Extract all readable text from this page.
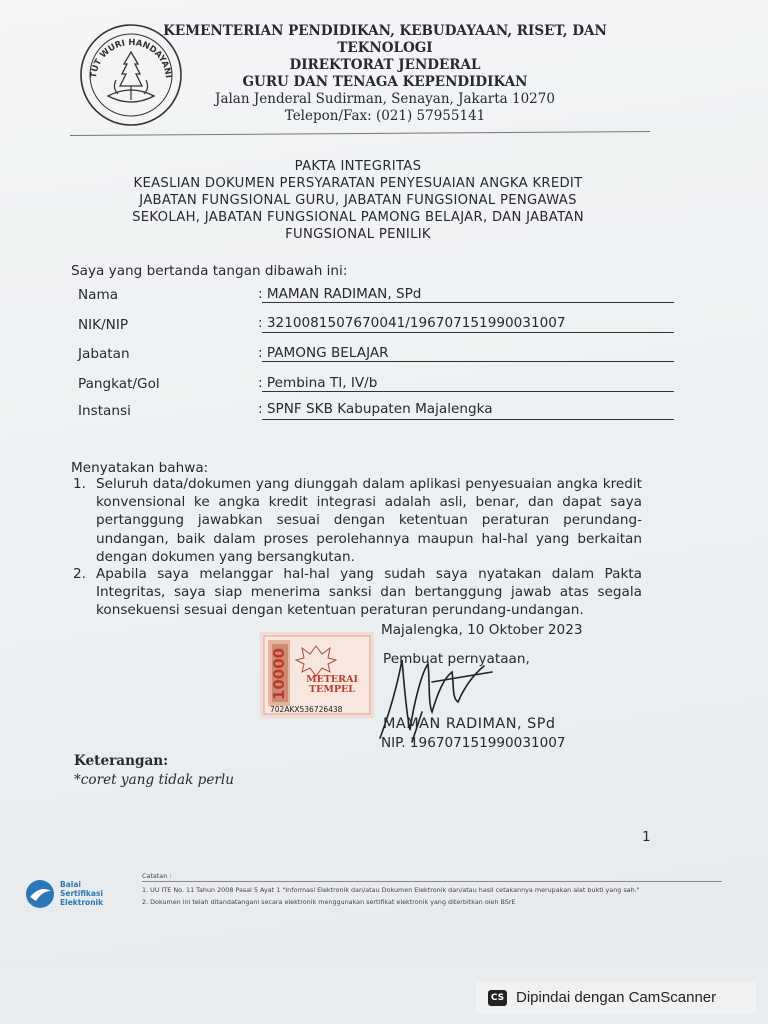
TUT WURI HANDAYANI
KEMENTERIAN PENDIDIKAN, KEBUDAYAAN, RISET, DAN
TEKNOLOGI
DIREKTORAT JENDERAL
GURU DAN TENAGA KEPENDIDIKAN
Jalan Jenderal Sudirman, Senayan, Jakarta 10270
Telepon/Fax: (021) 57955141
PAKTA INTEGRITAS
KEASLIAN DOKUMEN PERSYARATAN PENYESUAIAN ANGKA KREDIT
JABATAN FUNGSIONAL GURU, JABATAN FUNGSIONAL PENGAWAS
SEKOLAH, JABATAN FUNGSIONAL PAMONG BELAJAR, DAN JABATAN
FUNGSIONAL PENILIK
Saya yang bertanda tangan dibawah ini:
Nama	: MAMAN RADIMAN, SPd
NIK/NIP	: 3210081507670041/196707151990031007
Jabatan	: PAMONG BELAJAR
Pangkat/Gol	: Pembina TI, IV/b
Instansi	: SPNF SKB Kabupaten Majalengka
Menyatakan bahwa:
1. Seluruh data/dokumen yang diunggah dalam aplikasi penyesuaian angka kredit konvensional ke angka kredit integrasi adalah asli, benar, dan dapat saya pertanggung jawabkan sesuai dengan ketentuan peraturan perundang-undangan, baik dalam proses perolehannya maupun hal-hal yang berkaitan dengan dokumen yang bersangkutan.
2. Apabila saya melanggar hal-hal yang sudah saya nyatakan dalam Pakta Integritas, saya siap menerima sanksi dan bertanggung jawab atas segala konsekuensi sesuai dengan ketentuan peraturan perundang-undangan.
Majalengka, 10 Oktober 2023
Pembuat pernyataan,
10000 METERAI
TEMPEL
702AKX536726438
MAMAN RADIMAN, SPd
NIP. 196707151990031007
Keterangan:
*coret yang tidak perlu
1
Balai
Sertifikasi
Elektronik
Catatan :
1. UU ITE No. 11 Tahun 2008 Pasal 5 Ayat 1 "Informasi Elektronik dan/atau Dokumen Elektronik dan/atau hasil cetakannya merupakan alat bukti yang sah."
2. Dokumen ini telah ditandatangani secara elektronik menggunakan sertifikat elektronik yang diterbitkan oleh BSrE
CS Dipindai dengan CamScanner
